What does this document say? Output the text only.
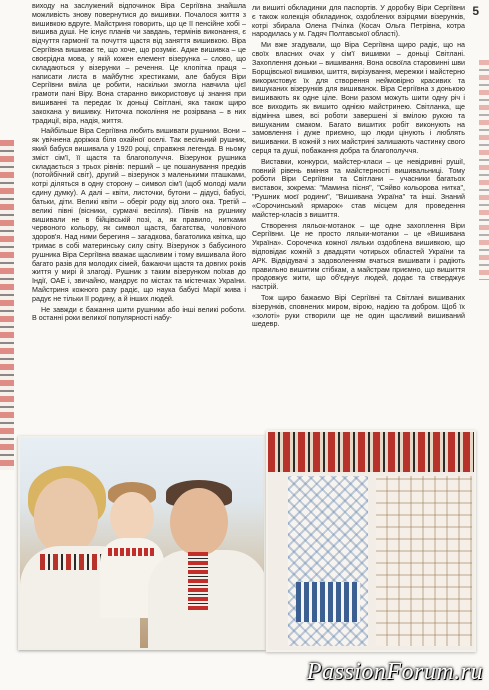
5

виходу на заслужений відпочинок Віра Сергіївна знайшла можливість знову повернутися до вишивки. Почалося життя з вишивкою вдруге. Майстриня говорить, що це її пенсійне хобі – вишива душі. Не існує планів чи завдань, термінів виконання, є відчуття гармонії та почуття щастя від заняття вишивкою. Віра Сергіївна вишиває те, що хоче, що розуміє. Адже вишивка – це своєрідна мова, у якій кожен елемент візерунка – слово, що складаються у візерунки – речення. Це клопітка праця – написати листа в майбутнє хрестиками, але бабуся Віри Сергіївни вміла це робити, наскільки змогла навчила цієї грамоти пані Віру. Вона старанно використовує ці знання при вишиванні та передає їх доньці Світлані, яка також щиро закохана у вишивку. Ниточка покоління не розірвана – в них традиції, віра, надія, життя.

Найбільше Віра Сергіївна любить вишивати рушники. Вони – як увічнена доріжка біля охайної оселі. Так весільний рушник, який бабуся вишивала у 1920 році, справжня легенда. В ньому зміст сім'ї, її щастя та благополуччя. Візерунок рушника складається з трьох рівнів: перший – це пошанування предків (потойбічний світ), другий – візерунок з маленькими пташками, котрі діляться в одну сторону – символ сім'ї (щоб молоді мали єдину думку). А далі – квіти, листочки, бутони – дідусі, бабусі, батьки, діти. Великі квіти – оберіг роду від злого ока. Третій – великі півні (вісники, сурмачі весілля). Півнів на рушнику вишивали не в бійцівській позі, а, як правило, нитками червоного кольору, як символ щастя, багатства, чоловічого здоров'я. Над ними берегиня – загадкова, багатоликa квітка, що тримає в собі материнську силу світу. Візерунок з бабусиного рушника Віра Сергіївна вважає щасливим і тому вишивала його багато разів для молодих сімей, бажаючи щастя та довгих років життя у мирі й злагоді. Рушник з таким візерунком поїхав до Індії, ОАЕ і, звичайно, мандрує по містах та містечках України. Майстриня кожного разу радіє, що наука бабусі Марії жива і радує не тільки її родину, а й інших людей.

Не завжди є бажання шити рушники або інші великі роботи. В останні роки великої популярності набу-

ли вишиті обкладинки для паспортів. У доробку Віри Сергіївни є також колекція обкладинок, оздоблених взірцями візерунків, котрі збирала Олена Пчілка (Косач Ольга Петрівна, котра народилась у м. Гадяч Полтавської області).

Ми вже згадували, що Віра Сергіївна щиро радіє, що на своїх власних очах у сім'ї вишивки – доньці Світлані. Захоплення доньки – вишивання. Вона освоїла старовинні шви Борщівської вишивки, шиття, вирізування, мережки і майстерно використовує їх для створення неймовірно красивих та вишуканих візерунків для вишиванок. Віра Сергіївна з донькою вишивають як одне ціле. Вони разом можуть шити одну річ і все виходить як вишито однією майстринею. Світланка, ще відмінна швея, всі роботи завершені зі вмілою рукою та вишуканим смаком. Багато вишитих робіт виконують на замовлення і дуже приємно, що люди цінують і люблять вишиванки. В кожній з них майстрині залишають частинку свого серця та душі, побажання добра та благополуччя.

Виставки, конкурси, майстер-класи – це невідривні рушії, повний рівень вміння та майстерності вишивальниці. Тому роботи Віри Сергіївни та Світлани – учасники багатьох виставок, зокрема: "Мамина пісня", "Сяйво кольорова нитка", "Рушник моєї родини", "Вишивана Україна" та інші. Знаний «Сорочинський ярмарок» став місцем для проведення майстер-класів з вишиття.

Створення ляльок-мотанок – ще одне захоплення Віри Сергіївни. Це не просто ляльки-мотанки – це «Вишивана Україна». Сорочечка кожної ляльки оздоблена вишивкою, що відповідає кожній з двадцяти чотирьох областей України та АРК. Відвідувачі з задоволенням вчаться вишивати і радіють правильно вишитим стібкам, а майстрам приємно, що вишиття продовжує жити, що об'єднує людей, додає та стверджує настрій.

Тож щиро бажаємо Вірі Сергіївні та Світлані вишиваних візерунків, сповнених миром, вірою, надією та добром. Щоб їх «золоті» руки створили ще не один щасливий вишиваний шедевр.

PassionForum.ru
